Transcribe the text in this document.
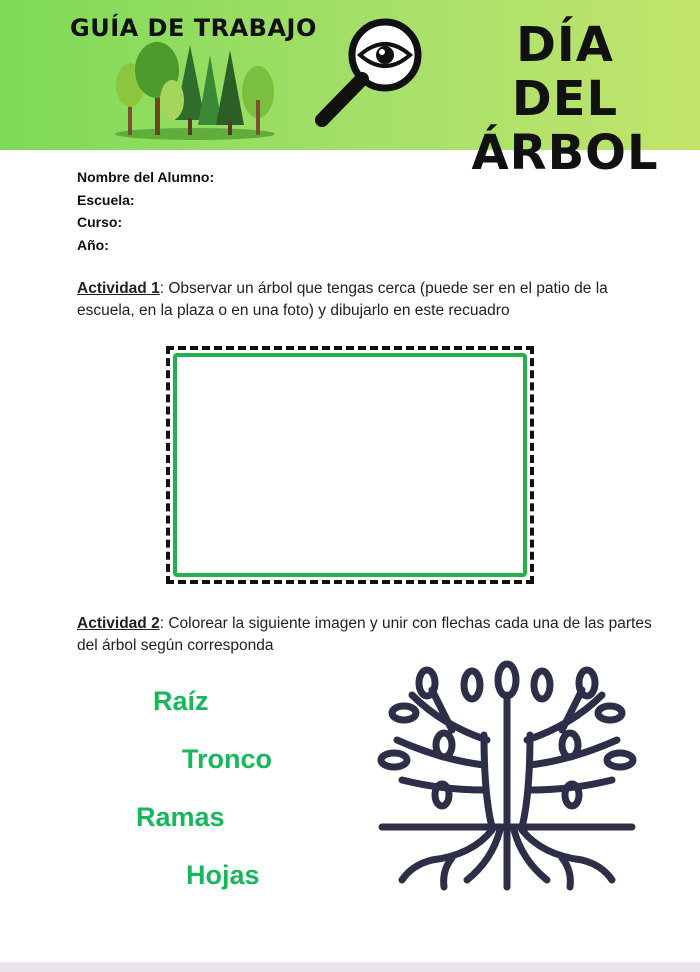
GUÍA DE TRABAJO	DÍA DEL
ÁRBOL
Nombre del Alumno:
Escuela:
Curso:
Año:
Actividad 1: Observar un árbol que tengas cerca (puede ser en el patio de la escuela, en la plaza o en una foto) y dibujarlo en este recuadro
Actividad 2: Colorear la siguiente imagen y unir con flechas cada una de las partes del árbol según corresponda
Raíz
Tronco
Ramas
Hojas
